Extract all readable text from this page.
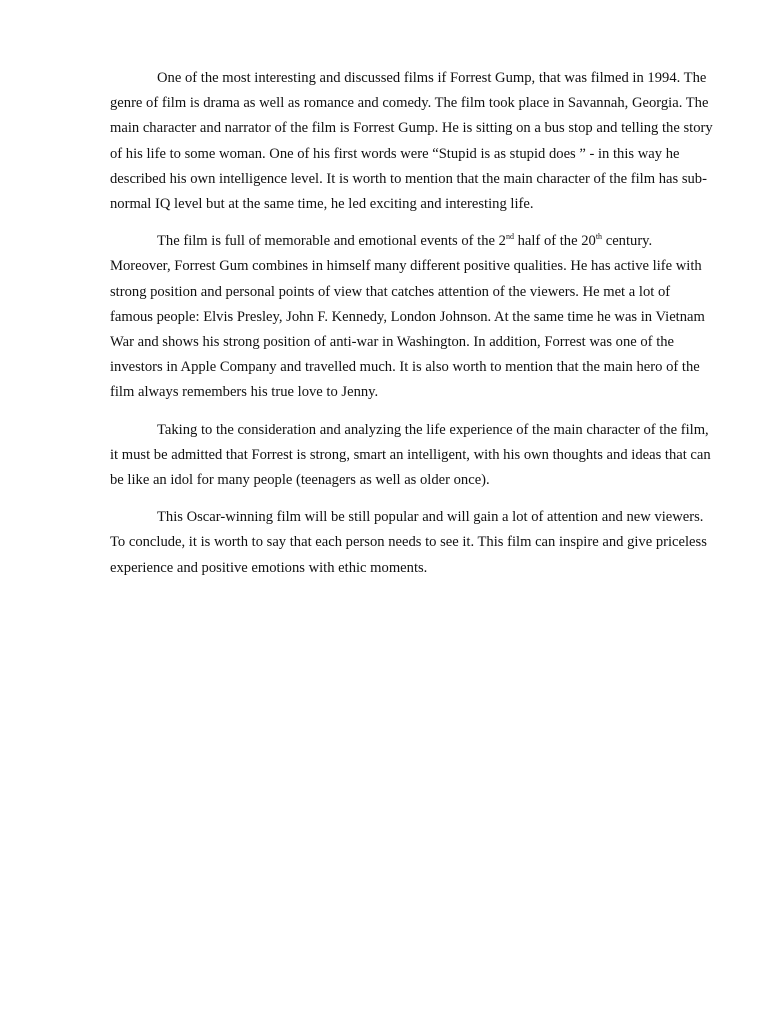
One of the most interesting and discussed films if Forrest Gump, that was filmed in 1994. The genre of film is drama as well as romance and comedy. The film took place in Savannah, Georgia. The main character and narrator of the film is Forrest Gump. He is sitting on a bus stop and telling the story of his life to some woman. One of his first words were “Stupid is as stupid does ” - in this way he described his own intelligence level. It is worth to mention that the main character of the film has sub-normal IQ level but at the same time, he led exciting and interesting life.

The film is full of memorable and emotional events of the 2nd half of the 20th century. Moreover, Forrest Gum combines in himself many different positive qualities. He has active life with strong position and personal points of view that catches attention of the viewers. He met a lot of famous people: Elvis Presley, John F. Kennedy, London Johnson. At the same time he was in Vietnam War and shows his strong position of anti-war in Washington. In addition, Forrest was one of the investors in Apple Company and travelled much. It is also worth to mention that the main hero of the film always remembers his true love to Jenny.

Taking to the consideration and analyzing the life experience of the main character of the film, it must be admitted that Forrest is strong, smart an intelligent, with his own thoughts and ideas that can be like an idol for many people (teenagers as well as older once).

This Oscar-winning film will be still popular and will gain a lot of attention and new viewers. To conclude, it is worth to say that each person needs to see it. This film can inspire and give priceless experience and positive emotions with ethic moments.
